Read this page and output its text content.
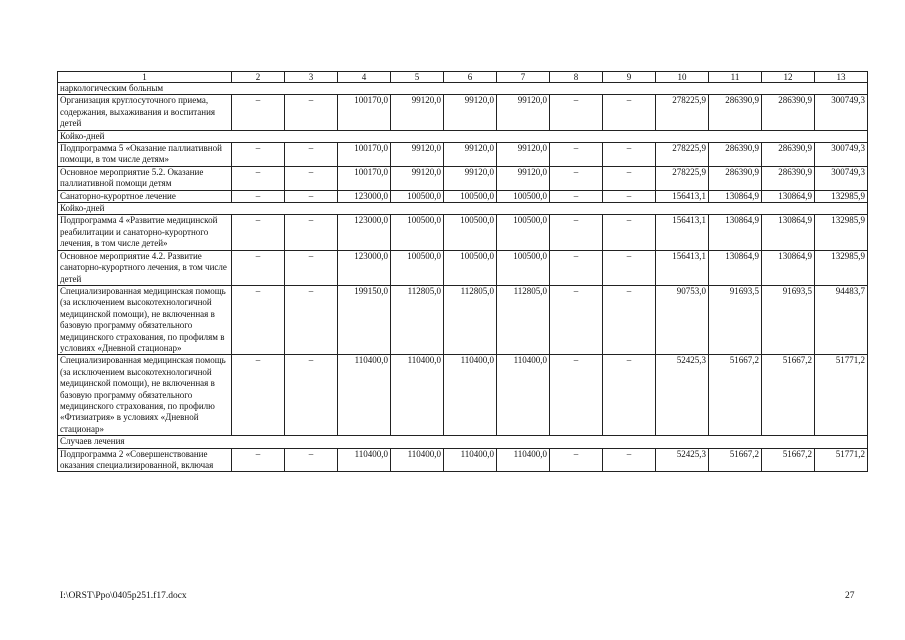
1	2	3	4	5	6	7	8	9	10	11	12	13
наркологическим больным												
Организация круглосуточного приема, содержания, выхаживания и воспитания детей	–	–	100170,0	99120,0	99120,0	99120,0	–	–	278225,9	286390,9	286390,9	300749,3
Койко-дней												
Подпрограмма 5 «Оказание паллиативной помощи, в том числе детям»	–	–	100170,0	99120,0	99120,0	99120,0	–	–	278225,9	286390,9	286390,9	300749,3
Основное мероприятие 5.2. Оказание паллиативной помощи детям	–	–	100170,0	99120,0	99120,0	99120,0	–	–	278225,9	286390,9	286390,9	300749,3
Санаторно-курортное лечение	–	–	123000,0	100500,0	100500,0	100500,0	–	–	156413,1	130864,9	130864,9	132985,9
Койко-дней												
Подпрограмма 4 «Развитие медицинской реабилитации и санаторно-курортного лечения, в том числе детей»	–	–	123000,0	100500,0	100500,0	100500,0	–	–	156413,1	130864,9	130864,9	132985,9
Основное мероприятие 4.2. Развитие санаторно-курортного лечения, в том числе детей	–	–	123000,0	100500,0	100500,0	100500,0	–	–	156413,1	130864,9	130864,9	132985,9
Специализированная медицинская помощь (за исключением высокотехнологичной медицинской помощи), не включенная в базовую программу обязательного медицинского страхования, по профилям в условиях «Дневной стационар»	–	–	199150,0	112805,0	112805,0	112805,0	–	–	90753,0	91693,5	91693,5	94483,7
Специализированная медицинская помощь (за исключением высокотехнологичной медицинской помощи), не включенная в базовую программу обязательного медицинского страхования, по профилю «Фтизиатрия» в условиях «Дневной стационар»	–	–	110400,0	110400,0	110400,0	110400,0	–	–	52425,3	51667,2	51667,2	51771,2
Случаев лечения												
Подпрограмма 2 «Совершенствование оказания специализированной, включая	–	–	110400,0	110400,0	110400,0	110400,0	–	–	52425,3	51667,2	51667,2	51771,2
I:\ORST\Ppo\0405p251.f17.docx	27
